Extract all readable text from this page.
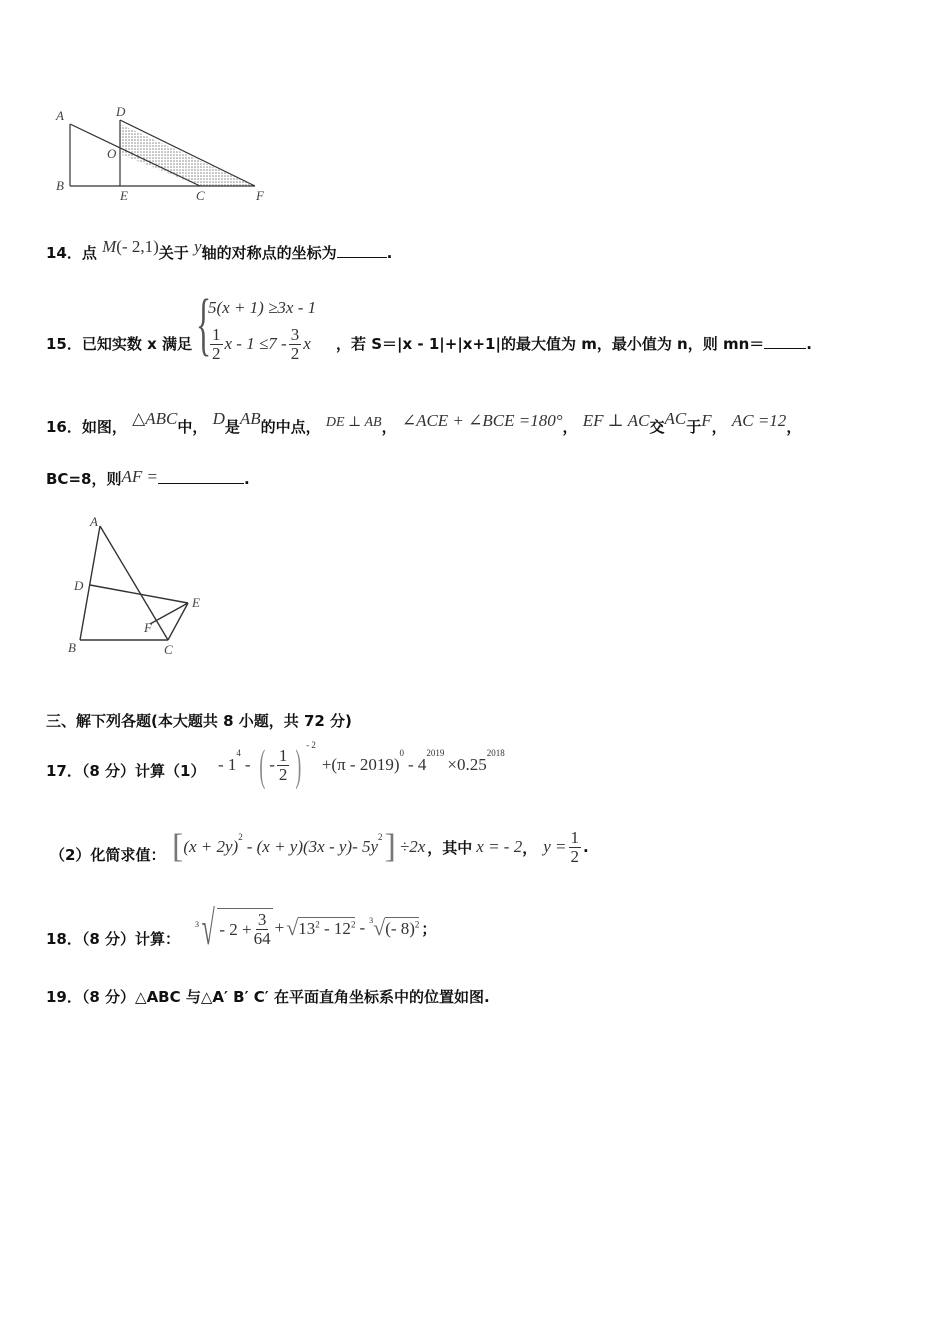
A
B
D
O
E	C	F
14．点 M(- 2,1)关于 y轴的对称点的坐标为	.
15．已知实数 x 满足 {
5(x + 1) ≥3x - 1
$\frac{1}{2}$ $x - 1 \le 7 - \frac{3}{2}$ x ，若 S＝|x - 1|+|x+1|的最大值为 m，最小值为 n，则 mn＝	.
16．如图， △ABC中， D是AB的中点， DE ⊥ AB， ∠ACE + ∠BCE =180°， EF ⊥ AC交AC于F， AC =12，
BC=8，则AF =	.
A
D
E
F
B	C
三、解下列各题(本大题共 8 小题，共 72 分)
17．（8 分）计算（1） - 1
$^4$
- ( - $\frac{1}{2}$ ) $^{- 2}$
+(π - 2019)
$^0$
- 4
$^{2019}$
×0.25
$^{2018}$
（2）化简求值： [ $(x + 2y)^2 - (x + y)(3x - y)-$ $5y^2$ ] ÷2x ，其中 x = - 2 ， $y = \frac{1}{2}$ .
18．（8 分）计算：
3 √ - $2 + \frac{3}{64}$ + √ $13^2 - 12^2 - 3$ √ (- 8)$^2$ ；
19．（8 分）△ABC 与△A′ B′ C′ 在平面直角坐标系中的位置如图.
